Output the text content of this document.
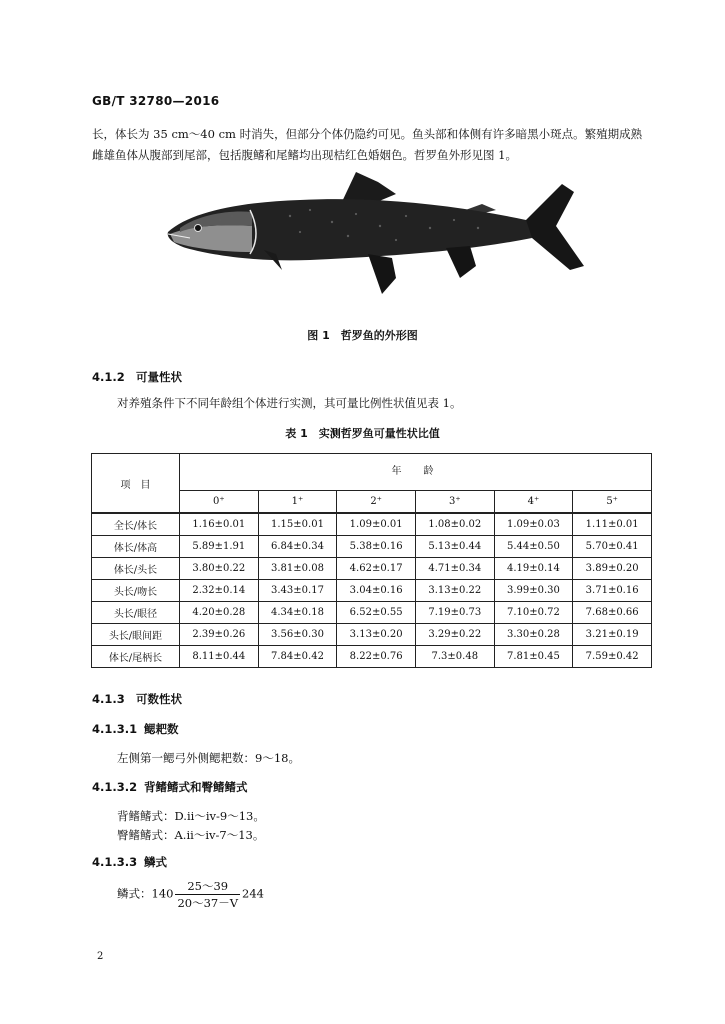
GB/T 32780—2016
长，体长为 35 cm～40 cm 时消失，但部分个体仍隐约可见。鱼头部和体侧有许多暗黑小斑点。繁殖期成熟雌雄鱼体从腹部到尾部，包括腹鳍和尾鳍均出现桔红色婚姻色。哲罗鱼外形见图 1。
图 1　哲罗鱼的外形图
4.1.2 可量性状
对养殖条件下不同年龄组个体进行实测，其可量比例性状值见表 1。
表 1　实测哲罗鱼可量性状比值
项　目	年　龄					
	0⁺	1⁺	2⁺	3⁺	4⁺	5⁺
全长/体长	1.16±0.01	1.15±0.01	1.09±0.01	1.08±0.02	1.09±0.03	1.11±0.01
体长/体高	5.89±1.91	6.84±0.34	5.38±0.16	5.13±0.44	5.44±0.50	5.70±0.41
体长/头长	3.80±0.22	3.81±0.08	4.62±0.17	4.71±0.34	4.19±0.14	3.89±0.20
头长/吻长	2.32±0.14	3.43±0.17	3.04±0.16	3.13±0.22	3.99±0.30	3.71±0.16
头长/眼径	4.20±0.28	4.34±0.18	6.52±0.55	7.19±0.73	7.10±0.72	7.68±0.66
头长/眼间距	2.39±0.26	3.56±0.30	3.13±0.20	3.29±0.22	3.30±0.28	3.21±0.19
体长/尾柄长	8.11±0.44	7.84±0.42	8.22±0.76	7.3±0.48	7.81±0.45	7.59±0.42
4.1.3 可数性状
4.1.3.1 鳃耙数
左侧第一鳃弓外侧鳃耙数：9～18。
4.1.3.2 背鳍鳍式和臀鳍鳍式
背鳍鳍式：D.ii～iv-9～13。
臀鳍鳍式：A.ii～iv-7～13。
4.1.3.3 鳞式
鳞式：$140 \frac{25\sim 39}{20\sim 37-V} 244$
2
